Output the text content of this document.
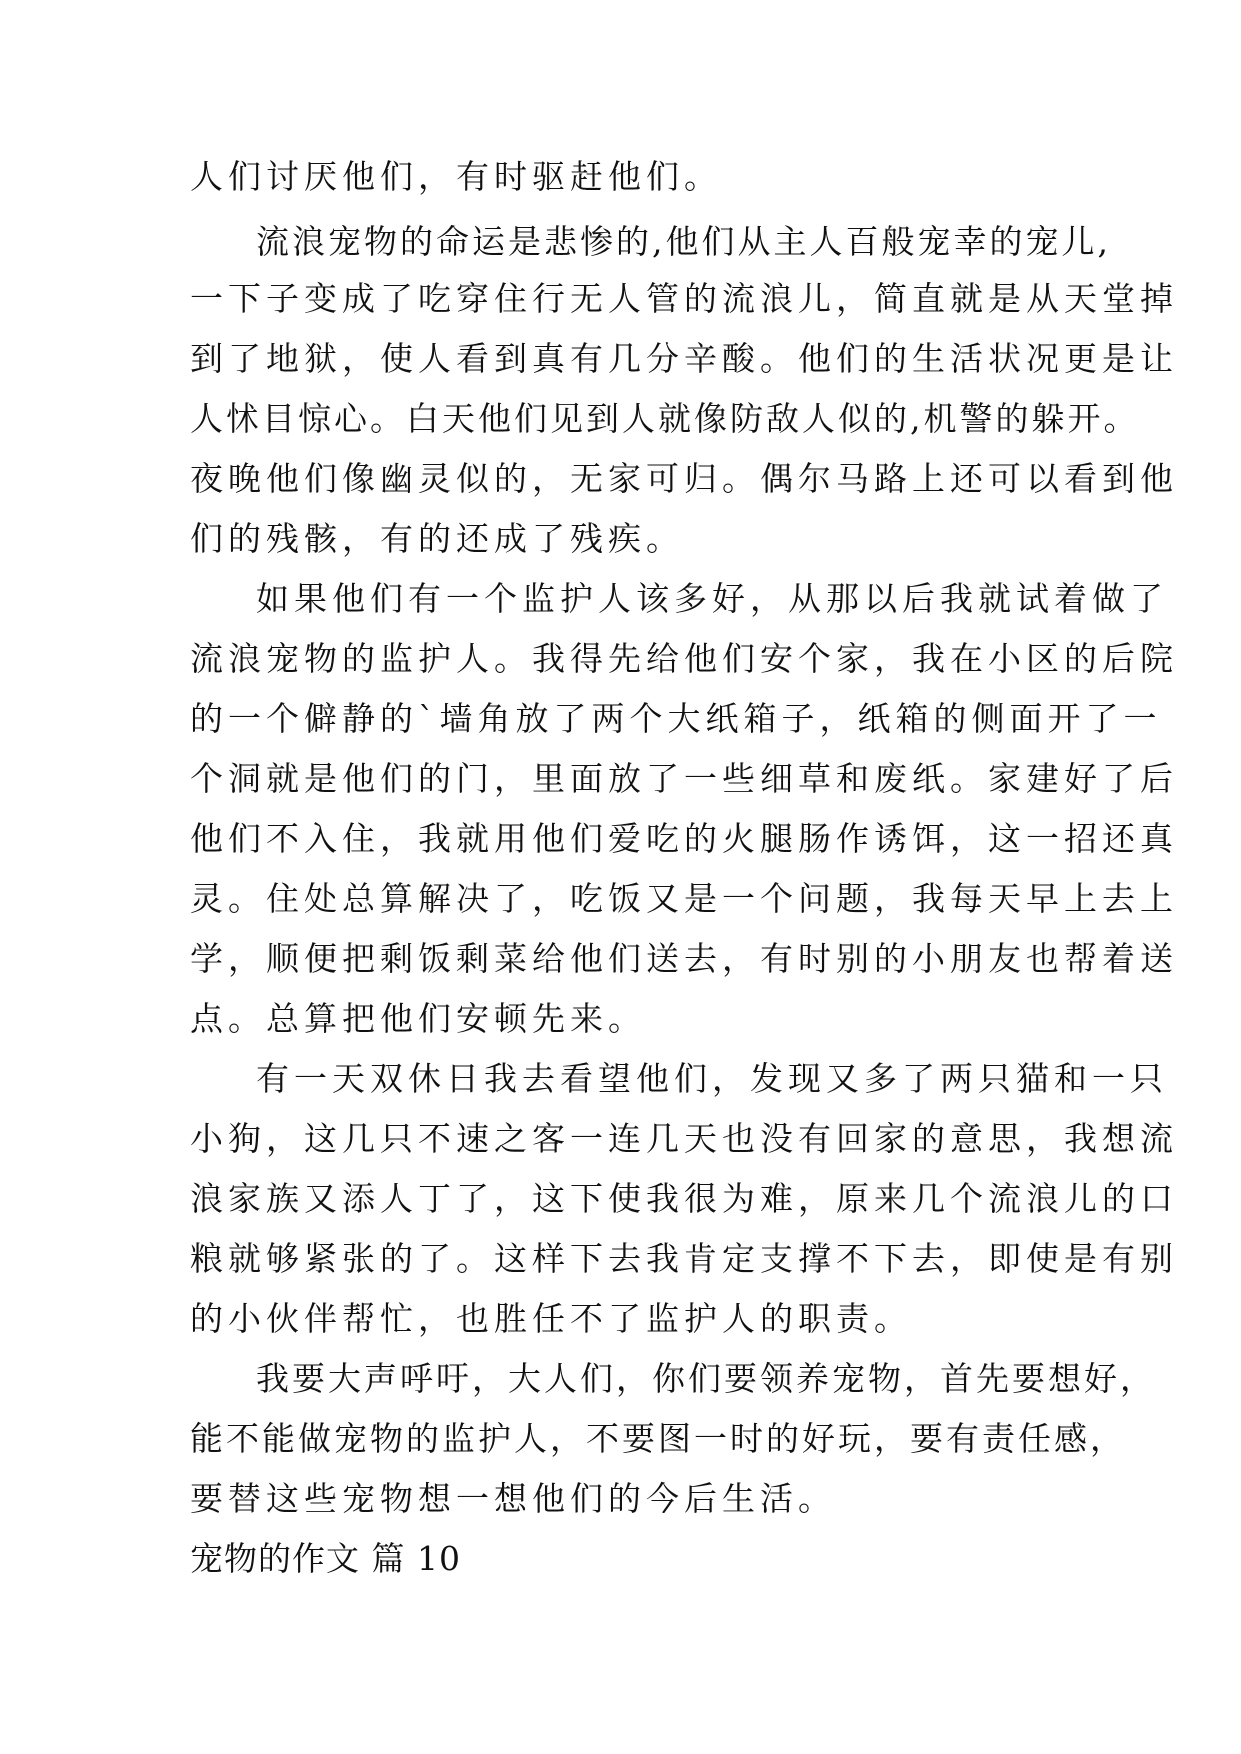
人们讨厌他们，有时驱赶他们。
流浪宠物的命运是悲惨的,他们从主人百般宠幸的宠儿,
一下子变成了吃穿住行无人管的流浪儿，简直就是从天堂掉
到了地狱，使人看到真有几分辛酸。他们的生活状况更是让
人怵目惊心。白天他们见到人就像防敌人似的,机警的躲开。
夜晚他们像幽灵似的，无家可归。偶尔马路上还可以看到他
们的残骸，有的还成了残疾。
如果他们有一个监护人该多好，从那以后我就试着做了
流浪宠物的监护人。我得先给他们安个家，我在小区的后院
的一个僻静的`墙角放了两个大纸箱子，纸箱的侧面开了一
个洞就是他们的门，里面放了一些细草和废纸。家建好了后
他们不入住，我就用他们爱吃的火腿肠作诱饵，这一招还真
灵。住处总算解决了，吃饭又是一个问题，我每天早上去上
学，顺便把剩饭剩菜给他们送去，有时别的小朋友也帮着送
点。总算把他们安顿先来。
有一天双休日我去看望他们，发现又多了两只猫和一只
小狗，这几只不速之客一连几天也没有回家的意思，我想流
浪家族又添人丁了，这下使我很为难，原来几个流浪儿的口
粮就够紧张的了。这样下去我肯定支撑不下去，即使是有别
的小伙伴帮忙，也胜任不了监护人的职责。
我要大声呼吁，大人们，你们要领养宠物，首先要想好，
能不能做宠物的监护人，不要图一时的好玩，要有责任感，
要替这些宠物想一想他们的今后生活。
宠物的作文 篇 10
